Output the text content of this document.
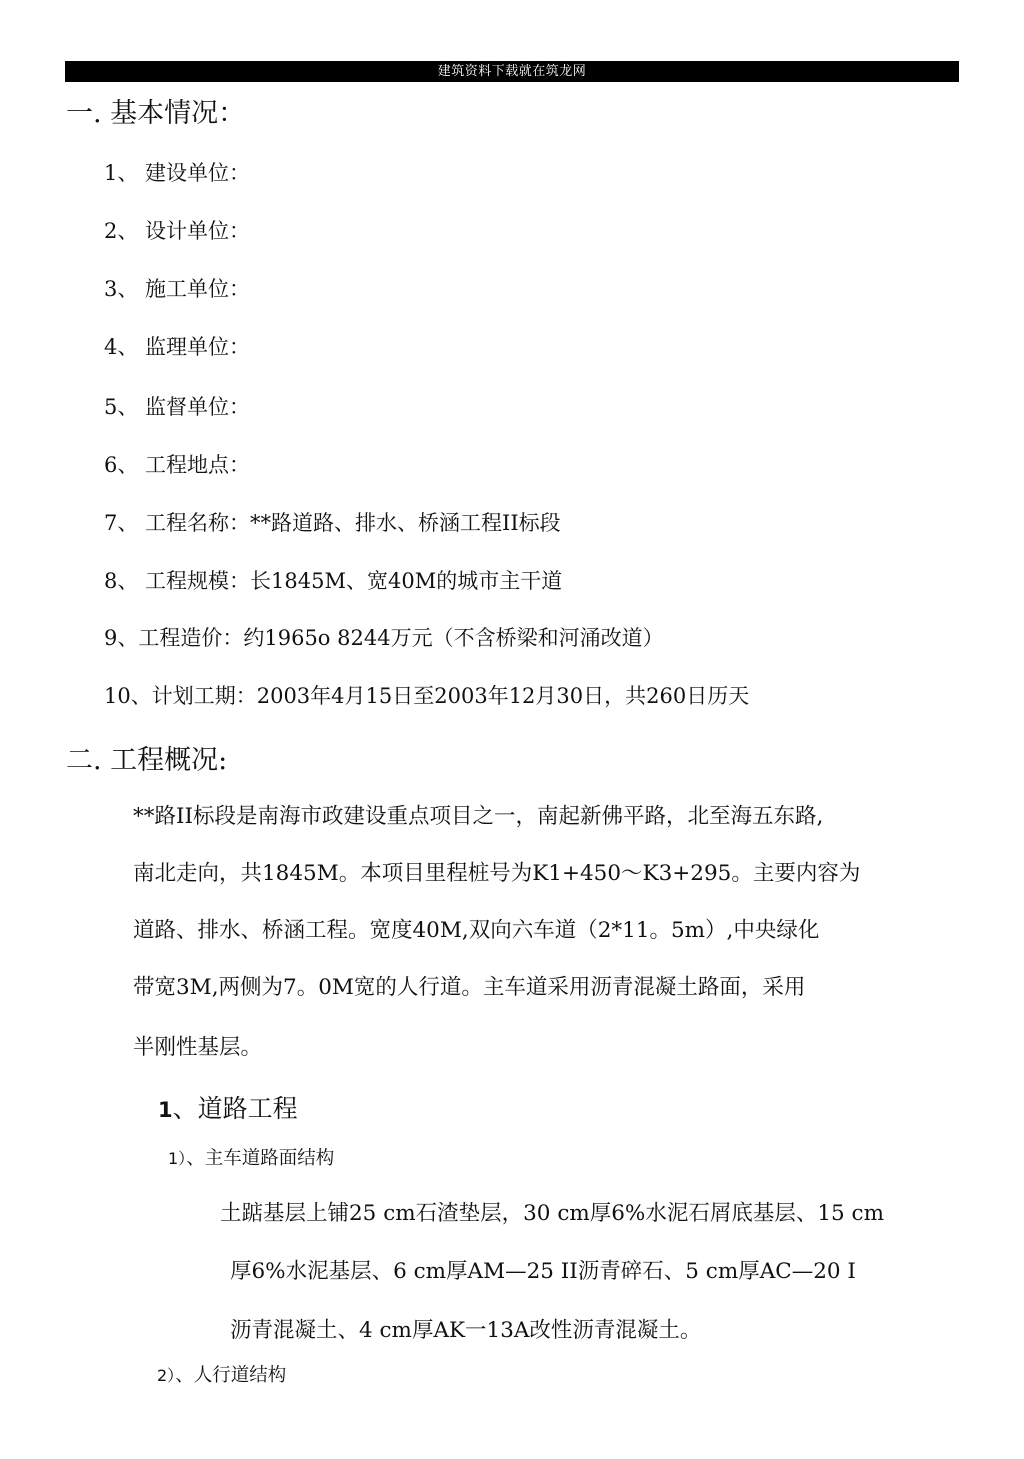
建筑资料下载就在筑龙网
一. 基本情况：
1、 建设单位：
2、 设计单位：
3、 施工单位：
4、 监理单位：
5、 监督单位：
6、 工程地点：
7、 工程名称：**路道路、排水、桥涵工程II标段
8、 工程规模：长1845M、宽40M的城市主干道
9、工程造价：约1965o 8244万元（不含桥梁和河涌改道）
10、计划工期：2003年4月15日至2003年12月30日，共260日历天
二. 工程概况:
**路II标段是南海市政建设重点项目之一，南起新佛平路，北至海五东路,
南北走向，共1845M。本项目里程桩号为K1+450～K3+295。主要内容为
道路、排水、桥涵工程。宽度40M,双向六车道（2*11。5m）,中央绿化
带宽3M,两侧为7。0M宽的人行道。主车道采用沥青混凝土路面，采用
半刚性基层。
1、道路工程
1）、主车道路面结构
土踮基层上铺25 cm石渣垫层，30 cm厚6%水泥石屑底基层、15 cm
厚6%水泥基层、6 cm厚AM—25 II沥青碎石、5 cm厚AC—20 I
沥青混凝土、4 cm厚AK一13A改性沥青混凝土。
2）、人行道结构
